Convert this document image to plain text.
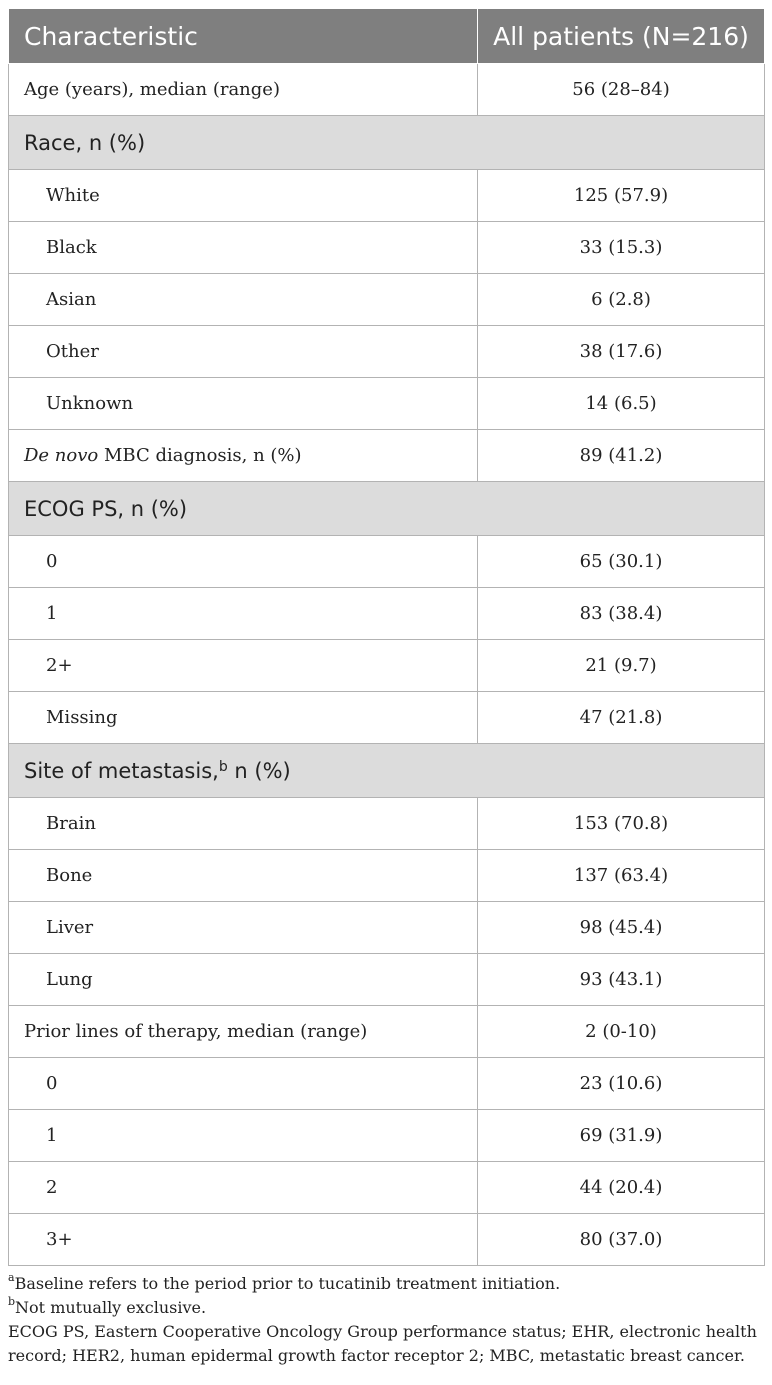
Characteristic	All patients (N=216)
Age (years), median (range)	56 (28–84)
Race, n (%)	
White	125 (57.9)
Black	33 (15.3)
Asian	6 (2.8)
Other	38 (17.6)
Unknown	14 (6.5)
De novo MBC diagnosis, n (%)	89 (41.2)
ECOG PS, n (%)	
0	65 (30.1)
1	83 (38.4)
2+	21 (9.7)
Missing	47 (21.8)
Site of metastasis,$^b$ n (%)	
Brain	153 (70.8)
Bone	137 (63.4)
Liver	98 (45.4)
Lung	93 (43.1)
Prior lines of therapy, median (range)	2 (0-10)
0	23 (10.6)
1	69 (31.9)
2	44 (20.4)
3+	80 (37.0)
$^a$Baseline refers to the period prior to tucatinib treatment initiation.
$^b$Not mutually exclusive.
ECOG PS, Eastern Cooperative Oncology Group performance status; EHR, electronic health record; HER2, human epidermal growth factor receptor 2; MBC, metastatic breast cancer.
